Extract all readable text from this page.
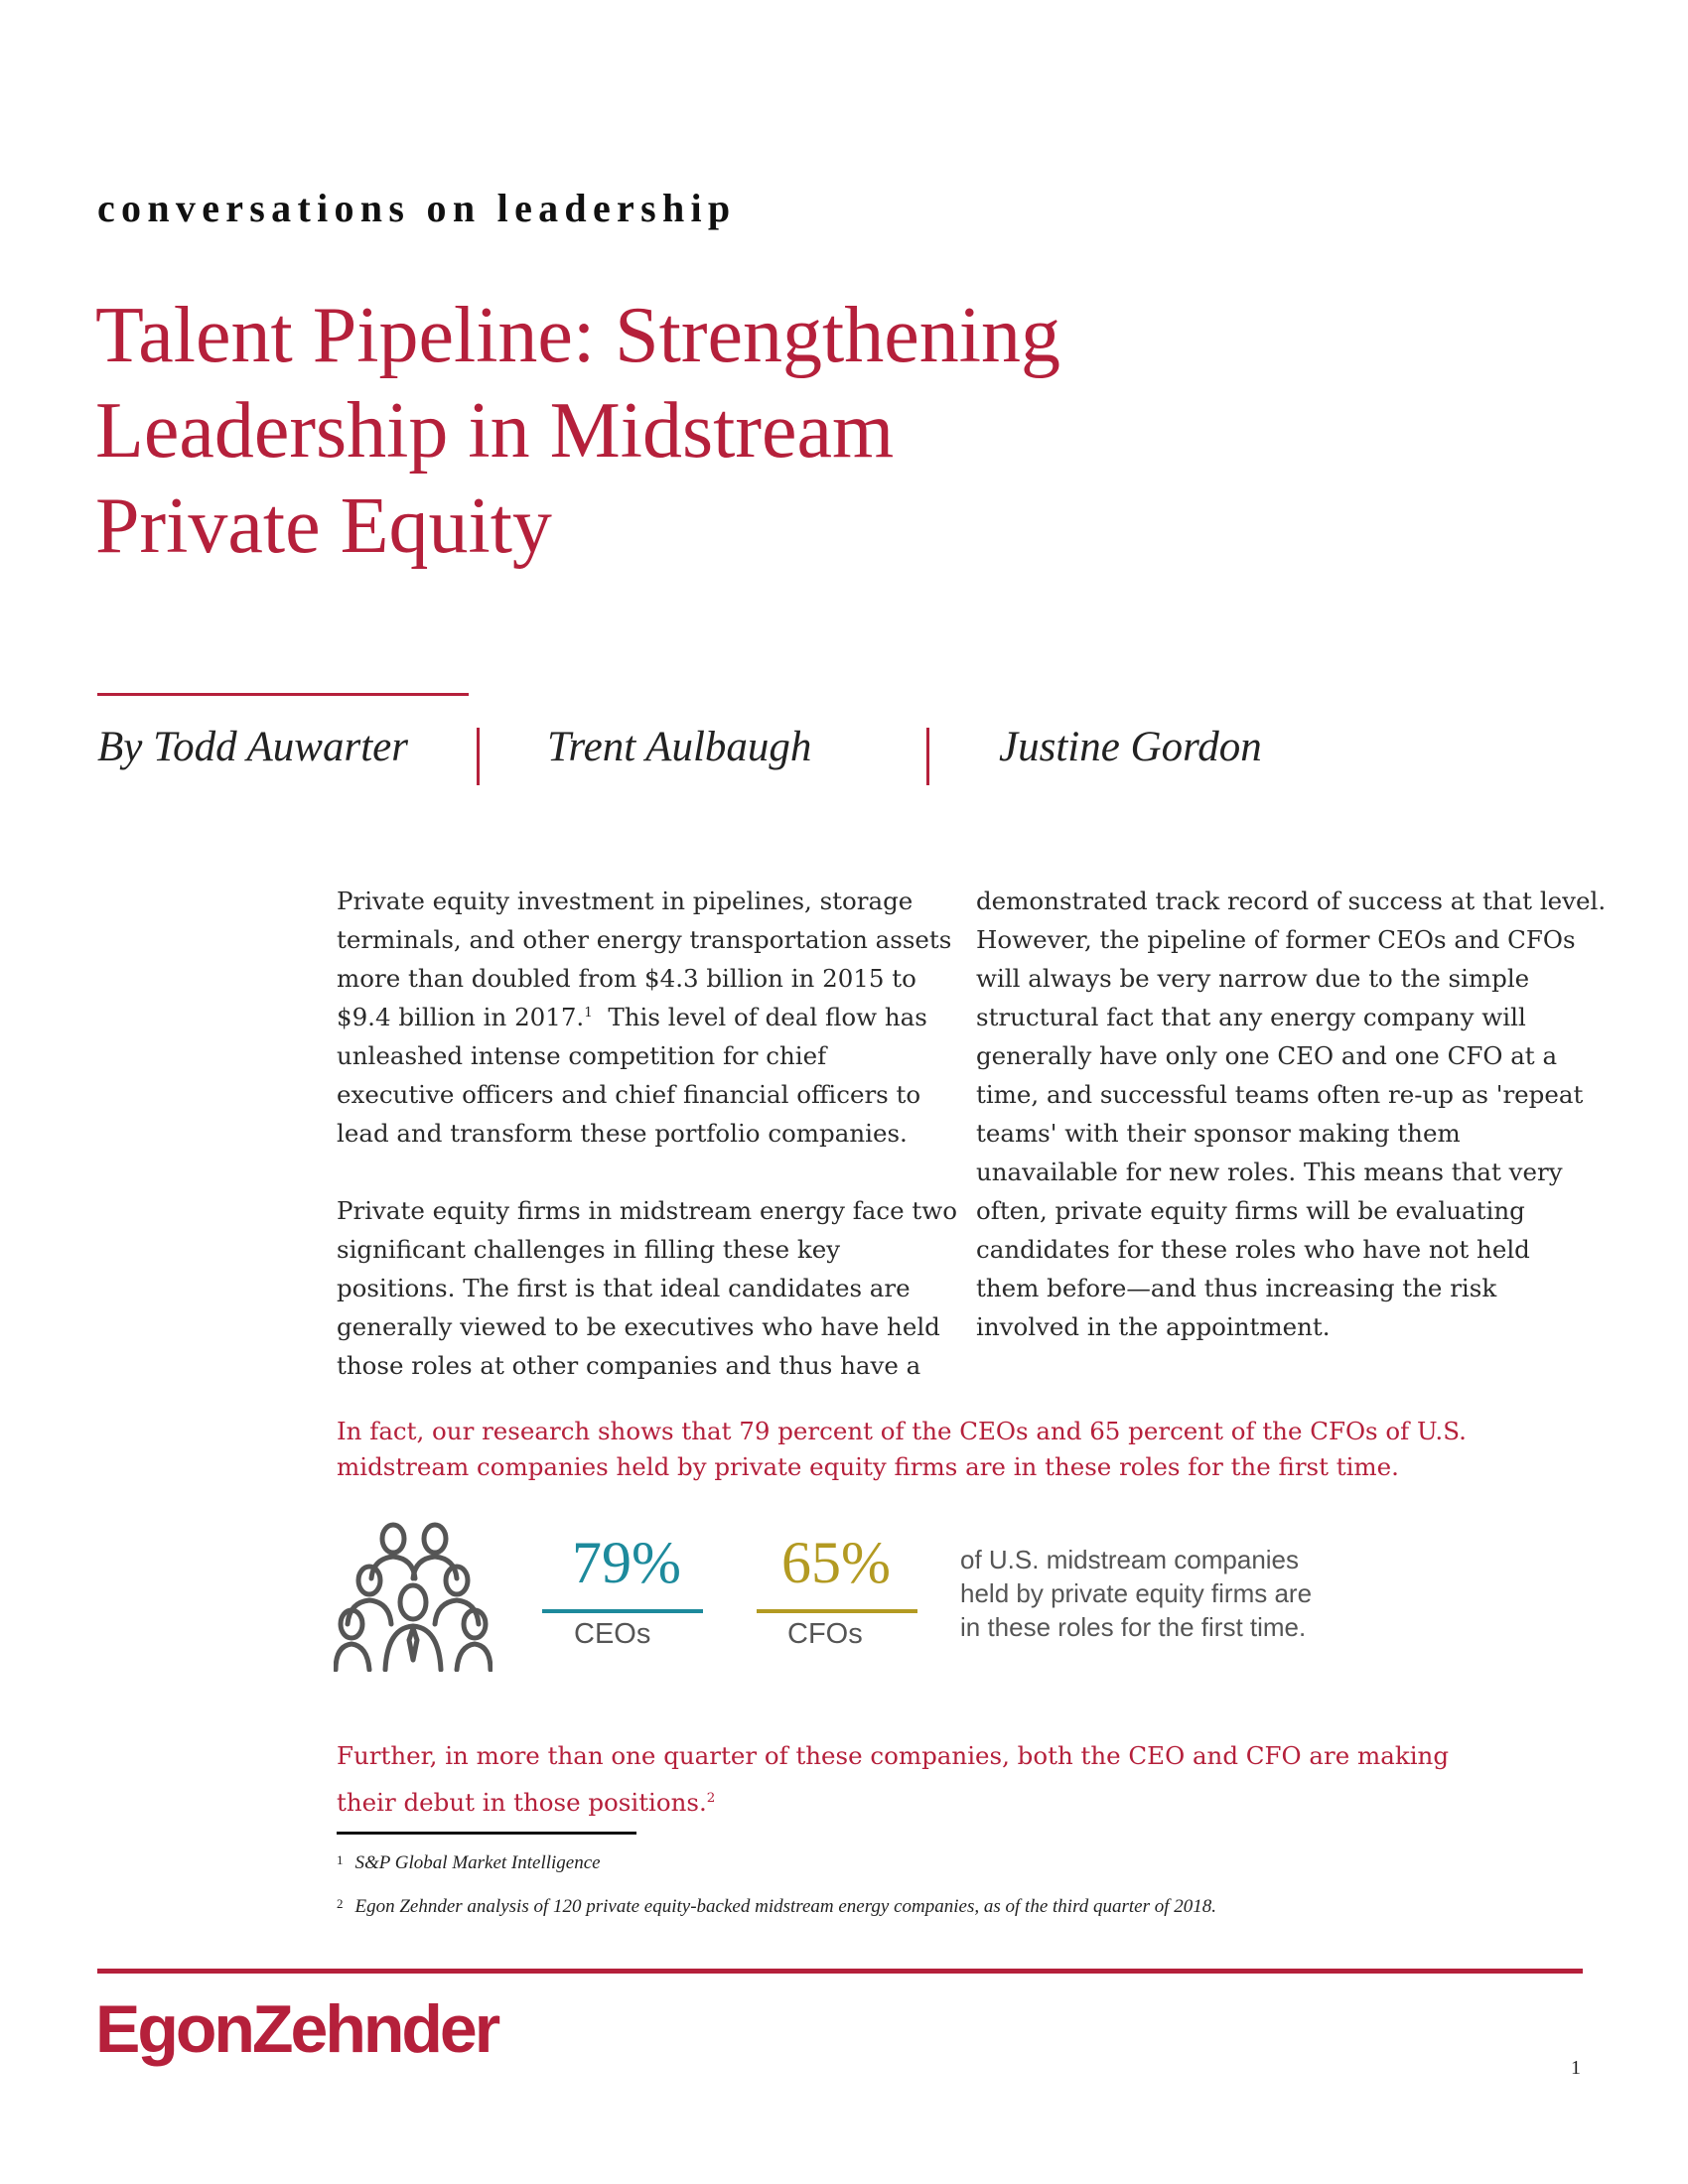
conversations on leadership
Talent Pipeline: Strengthening
Leadership in Midstream
Private Equity
By Todd Auwarter	Trent Aulbaugh	Justine Gordon
Private equity investment in pipelines, storage
terminals, and other energy transportation assets
more than doubled from $4.3 billion in 2015 to
$9.4 billion in 2017.$^1$  This level of deal flow has
unleashed intense competition for chief
executive officers and chief financial officers to
lead and transform these portfolio companies.
Private equity firms in midstream energy face two
significant challenges in filling these key
positions. The first is that ideal candidates are
generally viewed to be executives who have held
those roles at other companies and thus have a
demonstrated track record of success at that level.
However, the pipeline of former CEOs and CFOs
will always be very narrow due to the simple
structural fact that any energy company will
generally have only one CEO and one CFO at a
time, and successful teams often re-up as 'repeat
teams' with their sponsor making them
unavailable for new roles. This means that very
often, private equity firms will be evaluating
candidates for these roles who have not held
them before—and thus increasing the risk
involved in the appointment.
In fact, our research shows that 79 percent of the CEOs and 65 percent of the CFOs of U.S.
midstream companies held by private equity firms are in these roles for the first time.
79%
CEOs
65%
CFOs
of U.S. midstream companies
held by private equity firms are
in these roles for the first time.
Further, in more than one quarter of these companies, both the CEO and CFO are making
their debut in those positions.$^2$
$^1$ S&P Global Market Intelligence
$^2$ Egon Zehnder analysis of 120 private equity-backed midstream energy companies, as of the third quarter of 2018.
EgonZehnder
1
